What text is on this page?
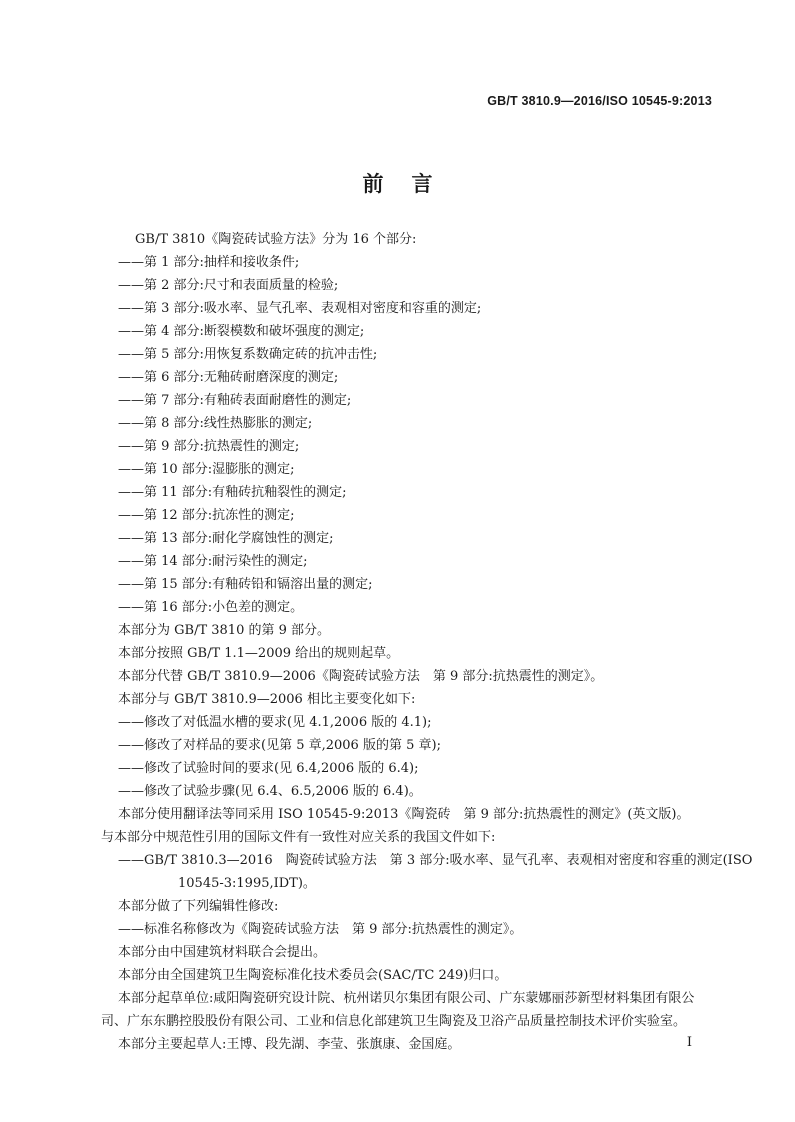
GB/T 3810.9—2016/ISO 10545-9:2013
前言

GB/T 3810《陶瓷砖试验方法》分为 16 个部分:

——第 1 部分:抽样和接收条件;

——第 2 部分:尺寸和表面质量的检验;

——第 3 部分:吸水率、显气孔率、表观相对密度和容重的测定;

——第 4 部分:断裂模数和破坏强度的测定;

——第 5 部分:用恢复系数确定砖的抗冲击性;

——第 6 部分:无釉砖耐磨深度的测定;

——第 7 部分:有釉砖表面耐磨性的测定;

——第 8 部分:线性热膨胀的测定;

——第 9 部分:抗热震性的测定;

——第 10 部分:湿膨胀的测定;

——第 11 部分:有釉砖抗釉裂性的测定;

——第 12 部分:抗冻性的测定;

——第 13 部分:耐化学腐蚀性的测定;

——第 14 部分:耐污染性的测定;

——第 15 部分:有釉砖铅和镉溶出量的测定;

——第 16 部分:小色差的测定。

本部分为 GB/T 3810 的第 9 部分。

本部分按照 GB/T 1.1—2009 给出的规则起草。

本部分代替 GB/T 3810.9—2006《陶瓷砖试验方法　第 9 部分:抗热震性的测定》。

本部分与 GB/T 3810.9—2006 相比主要变化如下:

——修改了对低温水槽的要求(见 4.1,2006 版的 4.1);

——修改了对样品的要求(见第 5 章,2006 版的第 5 章);

——修改了试验时间的要求(见 6.4,2006 版的 6.4);

——修改了试验步骤(见 6.4、6.5,2006 版的 6.4)。

本部分使用翻译法等同采用 ISO 10545-9:2013《陶瓷砖　第 9 部分:抗热震性的测定》(英文版)。

与本部分中规范性引用的国际文件有一致性对应关系的我国文件如下:

——GB/T 3810.3—2016　陶瓷砖试验方法　第 3 部分:吸水率、显气孔率、表观相对密度和容重的测定(ISO 10545-3:1995,IDT)。

本部分做了下列编辑性修改:

——标准名称修改为《陶瓷砖试验方法　第 9 部分:抗热震性的测定》。

本部分由中国建筑材料联合会提出。

本部分由全国建筑卫生陶瓷标准化技术委员会(SAC/TC 249)归口。

本部分起草单位:咸阳陶瓷研究设计院、杭州诺贝尔集团有限公司、广东蒙娜丽莎新型材料集团有限公司、广东东鹏控股股份有限公司、工业和信息化部建筑卫生陶瓷及卫浴产品质量控制技术评价实验室。

本部分主要起草人:王博、段先湖、李莹、张旗康、金国庭。	I
